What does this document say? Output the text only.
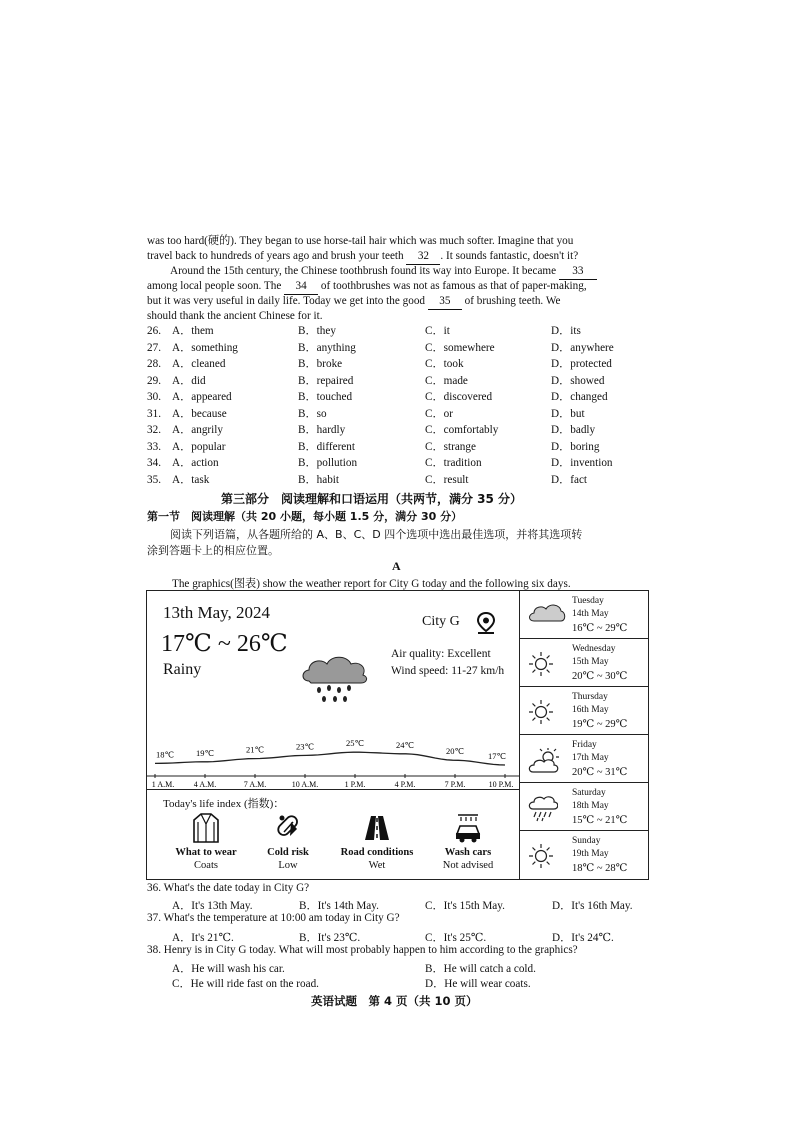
was too hard(硬的). They began to use horse-tail hair which was much softer. Imagine that you
travel back to hundreds of years ago and brush your teeth 32 . It sounds fantastic, doesn't it?
Around the 15th century, the Chinese toothbrush found its way into Europe. It became 33
among local people soon. The 34 of toothbrushes was not as famous as that of paper-making,
but it was very useful in daily life. Today we get into the good 35 of brushing teeth. We
should thank the ancient Chinese for it.
26. A．them	B．they	C．it	D．its
27. A．something	B．anything	C．somewhere	D．anywhere
28. A．cleaned	B．broke	C．took	D．protected
29. A．did	B．repaired	C．made	D．showed
30. A．appeared	B．touched	C．discovered	D．changed
31. A．because	B．so	C．or	D．but
32. A．angrily	B．hardly	C．comfortably	D．badly
33. A．popular	B．different	C．strange	D．boring
34. A．action	B．pollution	C．tradition	D．invention
35. A．task	B．habit	C．result	D．fact
第三部分　阅读理解和口语运用（共两节，满分 35 分）
第一节　阅读理解（共 20 小题，每小题 1.5 分，满分 30 分）
阅读下列语篇，从各题所给的 A、B、C、D 四个选项中选出最佳选项，并将其选项转
涂到答题卡上的相应位置。
A
The graphics(图表) show the weather report for City G today and the following six days.
13th May, 2024
17℃ ~ 26℃
Rainy
City G
Air quality: Excellent
Wind speed: 11-27 km/h
1 A.M.
18℃
4 A.M.
19℃
7 A.M.
21℃
10 A.M.
23℃
1 P.M.
25℃
4 P.M.
24℃
7 P.M.
20℃
10 P.M.
17℃
Today's life index (指数)：
What to wear
Coats
Cold risk
Low
Road conditions
Wet
Wash cars
Not advised
Tuesday
14th May
16℃ ~ 29℃
Wednesday
15th May
20℃ ~ 30℃
Thursday
16th May
19℃ ~ 29℃
Friday
17th May
20℃ ~ 31℃
Saturday
18th May
15℃ ~ 21℃
Sunday
19th May
18℃ ~ 28℃
36. What's the date today in City G?
A．It's 13th May.	B．It's 14th May.	C．It's 15th May.	D．It's 16th May.
37. What's the temperature at 10:00 am today in City G?
A．It's 21℃.	B．It's 23℃.	C．It's 25℃.	D．It's 24℃.
38. Henry is in City G today. What will most probably happen to him according to the graphics?
A．He will wash his car.	B．He will catch a cold.
C．He will ride fast on the road.	D．He will wear coats.
英语试题　第 4 页（共 10 页）
